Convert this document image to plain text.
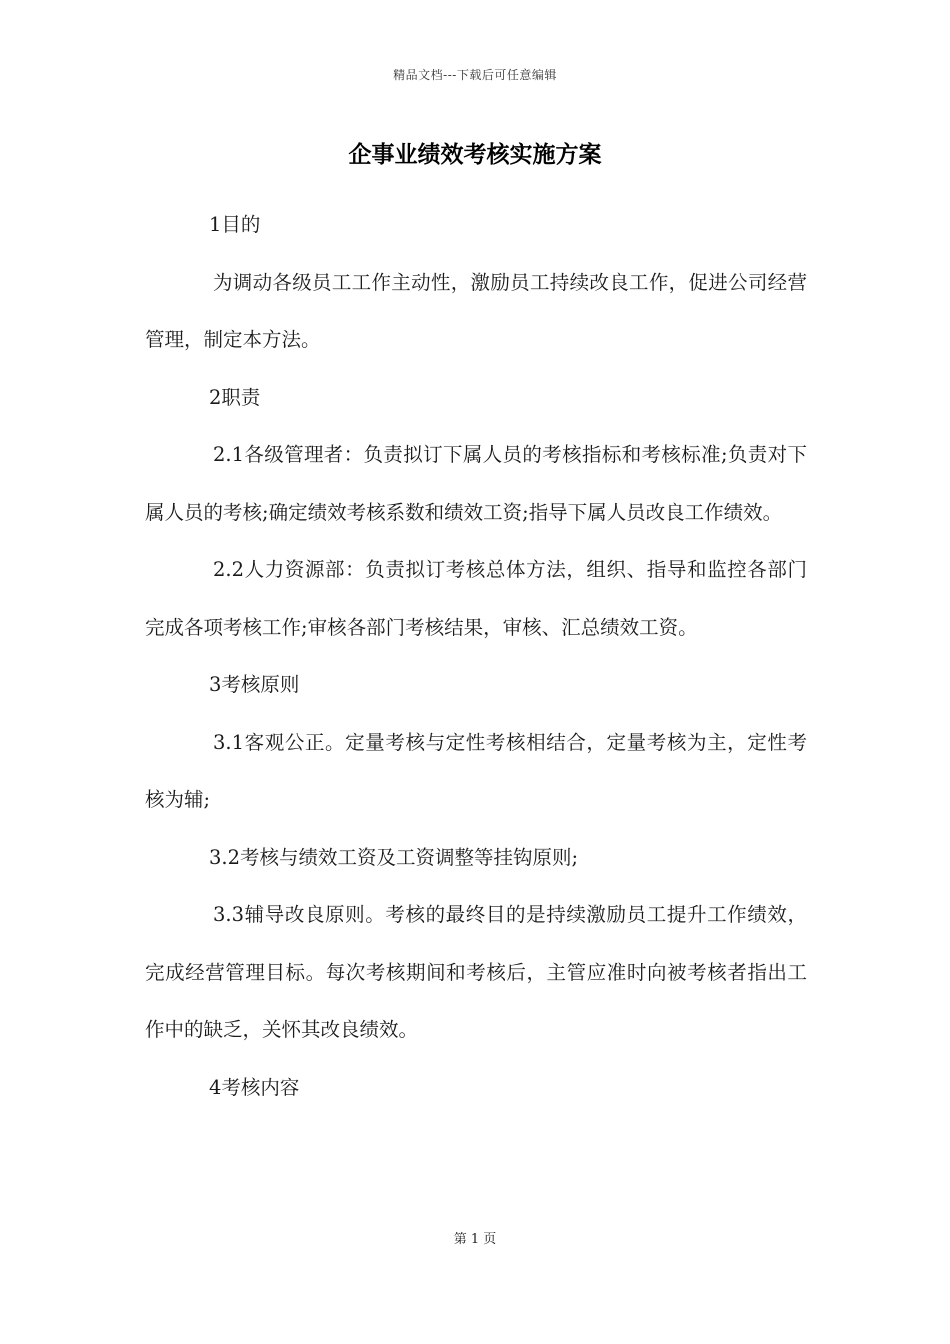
精品文档---下载后可任意编辑
企事业绩效考核实施方案

1目的

为调动各级员工工作主动性，激励员工持续改良工作，促进公司经营管理，制定本方法。

2职责

2.1各级管理者：负责拟订下属人员的考核指标和考核标准;负责对下属人员的考核;确定绩效考核系数和绩效工资;指导下属人员改良工作绩效。

2.2人力资源部：负责拟订考核总体方法，组织、指导和监控各部门完成各项考核工作;审核各部门考核结果，审核、汇总绩效工资。

3考核原则

3.1客观公正。定量考核与定性考核相结合，定量考核为主，定性考核为辅;

3.2考核与绩效工资及工资调整等挂钩原则;

3.3辅导改良原则。考核的最终目的是持续激励员工提升工作绩效，完成经营管理目标。每次考核期间和考核后，主管应准时向被考核者指出工作中的缺乏，关怀其改良绩效。

4考核内容

第 1 页
